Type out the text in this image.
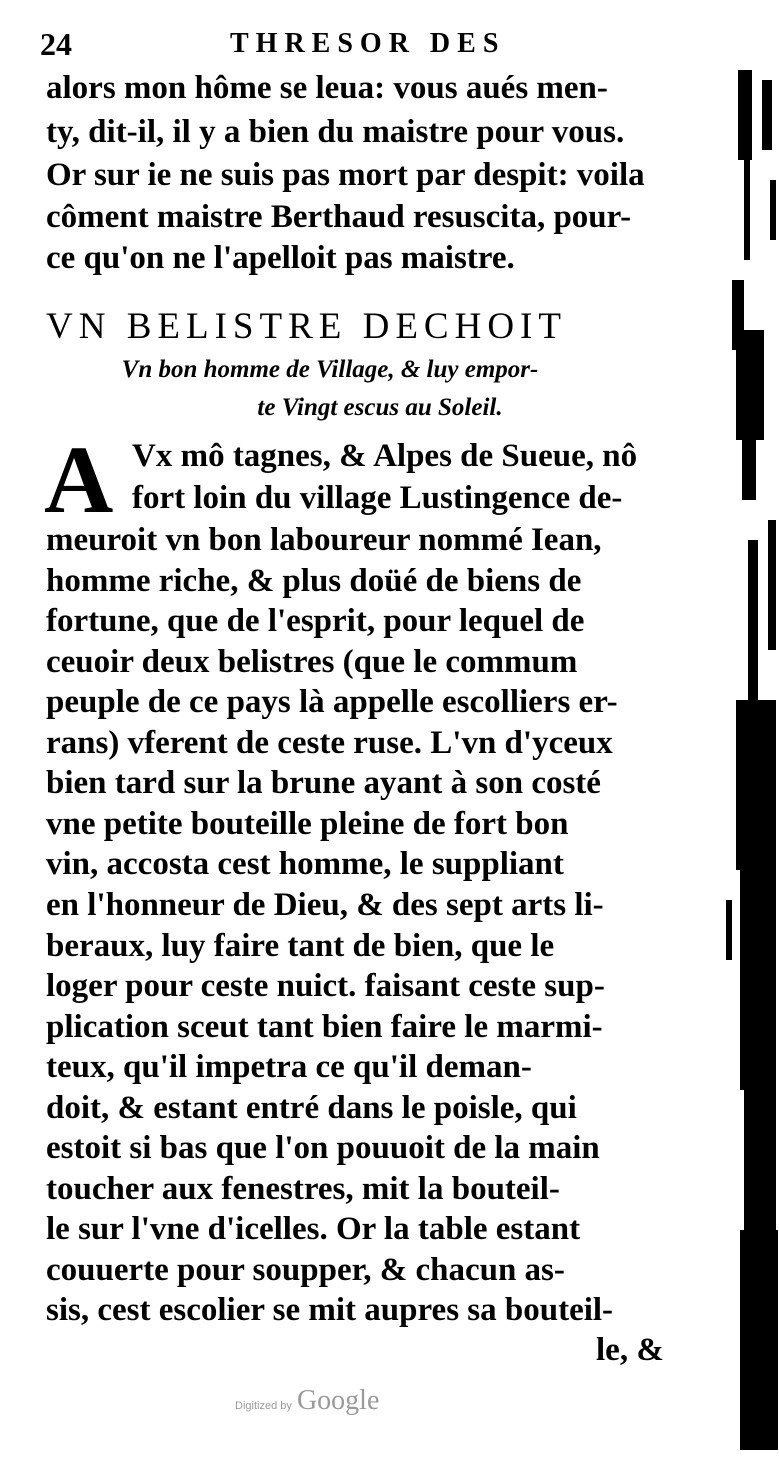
24	THRESOR DES
alors mon hôme se leua: vous aués men-
ty, dit-il, il y a bien du maistre pour vous.
Or sur ie ne suis pas mort par despit: voila
côment maistre Berthaud resuscita, pour-
ce qu'on ne l'apelloit pas maistre.
VN BELISTRE DECHOIT
Vn bon homme de Village, & luy empor-
te Vingt escus au Soleil.
A Vx mô tagnes, & Alpes de Sueue, nô
fort loin du village Lustingence de-
meuroit vn bon laboureur nommé Iean,
homme riche, & plus doüé de biens de
fortune, que de l'esprit, pour lequel de
ceuoir deux belistres (que le commum
peuple de ce pays là appelle escolliers er-
rans) vferent de ceste ruse. L'vn d'yceux
bien tard sur la brune ayant à son costé
vne petite bouteille pleine de fort bon
vin, accosta cest homme, le suppliant
en l'honneur de Dieu, & des sept arts li-
beraux, luy faire tant de bien, que le
loger pour ceste nuict. faisant ceste sup-
plication sceut tant bien faire le marmi-
teux, qu'il impetra ce qu'il deman-
doit, & estant entré dans le poisle, qui
estoit si bas que l'on pouuoit de la main
toucher aux fenestres, mit la bouteil-
le sur l'vne d'icelles. Or la table estant
couuerte pour soupper, & chacun as-
sis, cest escolier se mit aupres sa bouteil-
le, &
Digitized by Google
